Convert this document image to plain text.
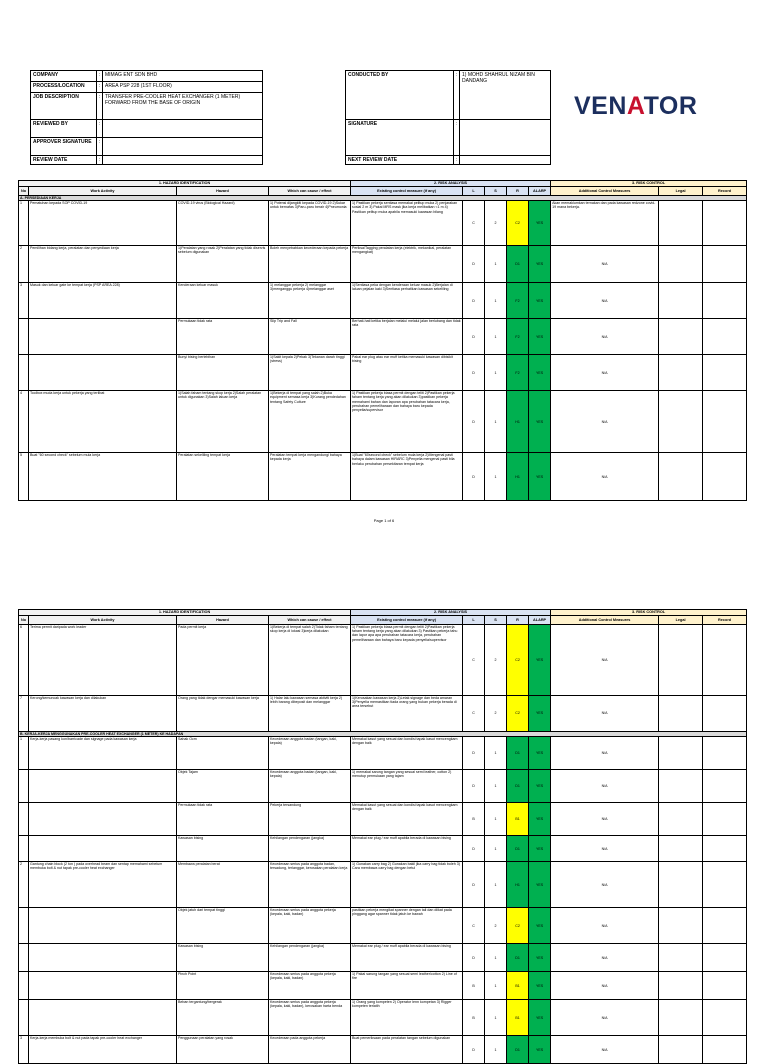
COMPANY	:	MIMAG ENT SDN BHD
PROCESS/LOCATION	:	AREA PSP 228 (1ST FLOOR)
JOB DESCRIPTION	:	TRANSFER PRE-COOLER HEAT EXCHANGER (1 METER) FORWARD FROM THE BASE OF ORIGIN
REVIEWED BY	:	
APPROVER SIGNATURE	:	
REVIEW DATE	:	
CONDUCTED BY	:	1) MOHD SHAHRUL NIZAM BIN DANDANG
SIGNATURE	:	
NEXT REVIEW DATE	:	
VENATOR
1. HAZARD IDENTIFICATION				2. RISK ANALYSIS					3. RISK CONTROL		
No	Work Activity	Hazard	Which can cause / effect	Existing control measure (if any)	L	S	R	ALARP	Additional Control Measures	Legal	Record
A. PERSEDIAAN KERJA											
1	Pematuhan kepada SOP COVID-19	COVID-19 virus (Biological Hazard)	1) Potensi dijangkiti kepada COVID-19 2)Sukar untuk bernafas 3)Paru-paru berair 4)Pneumonia	1) Pastikan pekerja sentiasa memakai pelitup muka 2) penjarakan sosial 2 m 3) Pakai MRS mask jika kerja melibatkan <1 m 4) Pastikan pelitup muka apabila memasuki kawasan bilang	C	2	C2	YES	Akan memaklumkan ternakan dan pada kawasan redzone covid-19 mana bekerja.		
2	Pemilihan bidang kerja, peralatan dan penyediaan kerja	1)Peralatan yang rosak 2)Peralatan yang tidak diservis sebelum digunakan	Boleh menyebabkan kecederaan kepada pekerja	Periksa/Tagging peralatan kerja (elektrik, mekanikal, peralatan mengangkat)	D	1	D1	YES	N/A		
3	Masuk dan keluar gate ke tempat kerja (PSP AREA 228)	Kenderaan keluar masuk	1) melanggar pekerja 2) melanggar 3)menganggu pekerja 4)melanggar aset	1)Sentiasa peka dengan kenderaan keluar masuk 2)Berjalan di laluan pejalan kaki 3)Sentiasa perhatikan kawasan sekeliling	D	1	F2	YES	N/A		
		Permukaan tidak rata	Slip Trip and Fall	Berhati-hati ketika berjalan melalui melalui jalan berlubang dan tidak rata	D	1	F2	YES	N/A		
		Bunyi bising berlebihan	1)Sakit kepala 2)Pekak 3)Tekanan darah tinggi (stress)	Pakai ear plug atau ear muff ketika memasuki kawasan dibisikit bising	D	1	F2	YES	N/A		
4	Toolbox muda kerja untuk pekerja yang terlibat	1)Salah faham tentang skop kerja 2)Salah peralatan untuk digunakan 3)Salah laluan kerja	1)Bekerja di tempat yang salah 2)Buka equipment semasa kerja 3)Kurang pendedahan tentang Safety Culture	1) Pastikan pekerja biasa permit dengan teliti 2)Pastikan pekerja faham tentang kerja yang akan dilakukan 3)pastikan pekerja memahami bahan dan laporan apa perubahan tatacara kerja, perubahan pemeliharaan dan bahaya baru kepada penyelia/supervisor	D	1	H1	YES	N/A		
5	Buat "60 second check" sebelum mula kerja	Peralatan sekeliling tempat kerja	Peralatan tempat kerja mengandungi bahaya kepada kerja	1)Buat "60second check" sebelum mula kerja 2)Mengenal pasti bahaya dalam kawasan HIRARC 3)Penyelia mengenal pasti bila berlaku perubahan persekitaran tempat kerja	D	1	H1	YES	N/A		
Page 1 of 6
1. HAZARD IDENTIFICATION				2. RISK ANALYSIS					3. RISK CONTROL		
No	Work Activity	Hazard	Which can cause / effect	Existing control measure (if any)	L	S	R	ALARP	Additional Control Measures	Legal	Record
6	Terima permit daripada work leader	Pada permit kerja	1)Bekerja di tempat salah 2)Tidak faham tentang skop kerja di lokasi 3)kerja dilakukan	1) Pastikan pekerja biasa permit dengan teliti 2)Pastikan pekerja faham tentang kerja yang akan dilakukan 3) Pastikan pekerja tahu dan lapor apa apa perubahan tatacara kerja, perubahan pemeliharaan dan bahaya baru kepada penyelia/supervisor	C	2	C2	YES	N/A		
7	Kerong/kemuncak kawasan kerja dan dilakukan	Orang yang tidak dengar memasuki kawasan kerja	1) Halar lalu kawasan semasa aktiviti kerja 2) lebih barang dibeposit dan melanggar	1)Kerusakan kawasan kerja 2)Letak signage dan beda amaran 3)Penyelia memastikan tiada orang yang bukan pekerja berada di area tersebut	C	2	C2	YES	N/A		
B. KERJA-KERJA MENGGUNAKAN PRE-COOLER HEAT EXCHANGER (1 METER) KE HADAPAN											
1	Kerja-kerja pasang kon/barricade dan signage pada kawasan kerja	Sahak Ocm	Kecederaan anggota badan (tangan, kaki, kepala)	Memakai kasut yang sesuai dan kondisi tapak kasut mencengkam dengan baik	D	1	D1	YES	N/A		
		Objek Tajam	Kecederaan anggota badan (tangan, kaki, kepala)	1) memakai sarung tangan yang sesuai semi leather, cotton 2) menutup permukaan yang tajam	D	1	D1	YES	N/A		
		Permukaan tidak rata	Pekerja tersandung	Memakai kasut yang sesuai dan kondisi tapak kasut mencengkam dengan baik	B	1	B1	YES	N/A		
		Kawasan bising	Kehilangan pendengaran (jangka)	Memakai ear plug / ear muff apabila berada di kawasan bising	D	1	D1	YES	N/A		
2	Gantung chain block (2 ton ) pada overhead beam dan sentap memahami sebelum membuka bolt & nut tapak pre-cooler heat exchanger	Membawa peralatan berat	Kecederaan serius pada anggota badan, tersadung, terlanggar, kerosakan peralatan kerja	1) Gunakan carry bag 2) Gunakan bakil jika carry bag tidak boleh 3) Cara membawa carry bag dengan betul	D	1	H1	YES	N/A		
		Objek jatuh dari tempat tinggi	Kecederaan serius pada anggota pekerja (kepala, kaki, badan)	pastikan pekerja mengikat spanner dengan tali dan diikat pada pinggang agar spanner tidak jatuh ke bawah	C	2	C2	YES	N/A		
		Kawasan bising	Kehilangan pendengaran (jangka)	Memakai ear plug / ear muff apabila berada di kawasan bising	D	1	D1	YES	N/A		
		Pinch Point	Kecederaan serius pada anggota pekerja (kepala, kaki, badan)	1) Pakai sarung tangan yang sesuai semi leather/cotton 2) Line of fire	B	1	B1	YES	N/A		
		Beban tergantung/bergerak	Kecederaan serius pada anggota pekerja (kepala, kaki, badan), kerosakan harta benda	1) Orang yang kompeten 2) Operator lenn kompetan 3) Rigger kompeten terlatih	B	1	B1	YES	N/A		
3	Kerja-kerja membuka bolt & nut pada tapak pre-cooler heat exchanger	Penggunaan peralatan yang rosak	Kecederaan pada anggota pekerja	Buat pemeriksaan pada peralatan tangan sebelum digunakan	D	1	D1	YES	N/A		
